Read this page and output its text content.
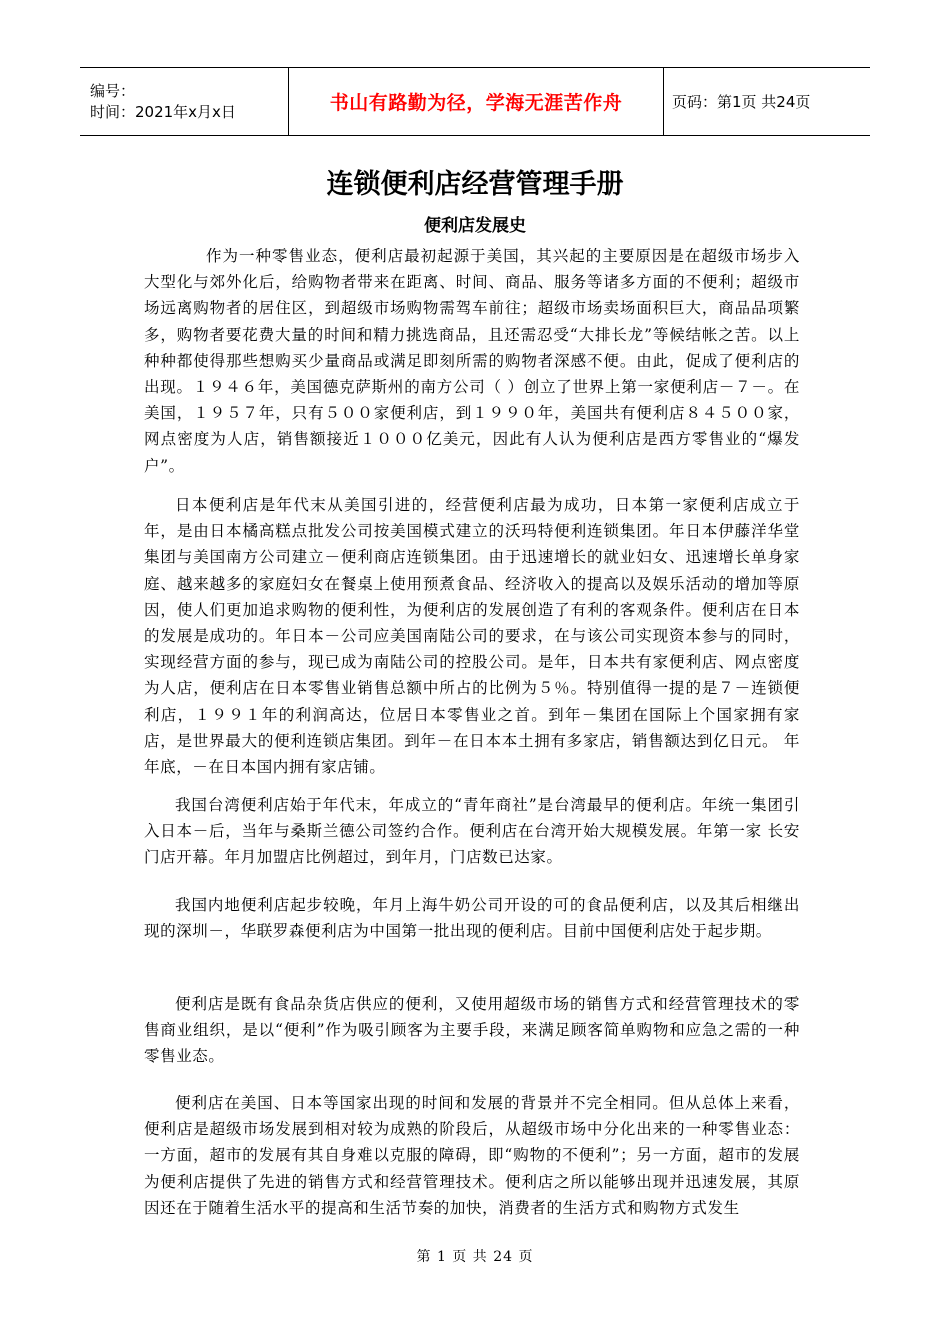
编号：
时间：2021年x月x日	书山有路勤为径，学海无涯苦作舟	页码：第1页 共24页
连锁便利店经营管理手册
便利店发展史

作为一种零售业态，便利店最初起源于美国，其兴起的主要原因是在超级市场步入大型化与郊外化后，给购物者带来在距离、时间、商品、服务等诸多方面的不便利；超级市场远离购物者的居住区，到超级市场购物需驾车前往；超级市场卖场面积巨大，商品品项繁多，购物者要花费大量的时间和精力挑选商品，且还需忍受“大排长龙”等候结帐之苦。以上种种都使得那些想购买少量商品或满足即刻所需的购物者深感不便。由此，促成了便利店的出现。１９４６年，美国德克萨斯州的南方公司（ ）创立了世界上第一家便利店－７－。在美国，１９５７年，只有５００家便利店，到１９９０年，美国共有便利店８４５００家，网点密度为人店，销售额接近１０００亿美元，因此有人认为便利店是西方零售业的“爆发户”。

日本便利店是年代末从美国引进的，经营便利店最为成功，日本第一家便利店成立于年，是由日本橘高糕点批发公司按美国模式建立的沃玛特便利连锁集团。年日本伊藤洋华堂集团与美国南方公司建立－便利商店连锁集团。由于迅速增长的就业妇女、迅速增长单身家庭、越来越多的家庭妇女在餐桌上使用预煮食品、经济收入的提高以及娱乐活动的增加等原因，使人们更加追求购物的便利性，为便利店的发展创造了有利的客观条件。便利店在日本的发展是成功的。年日本－公司应美国南陆公司的要求，在与该公司实现资本参与的同时，实现经营方面的参与，现已成为南陆公司的控股公司。是年，日本共有家便利店、网点密度为人店，便利店在日本零售业销售总额中所占的比例为５％。特别值得一提的是７－连锁便利店，１９９１年的利润高达，位居日本零售业之首。到年－集团在国际上个国家拥有家店，是世界最大的便利连锁店集团。到年－在日本本土拥有多家店，销售额达到亿日元。 年年底，－在日本国内拥有家店铺。

我国台湾便利店始于年代末，年成立的“青年商社”是台湾最早的便利店。年统一集团引入日本－后，当年与桑斯兰德公司签约合作。便利店在台湾开始大规模发展。年第一家 长安门店开幕。年月加盟店比例超过，到年月，门店数已达家。

我国内地便利店起步较晚，年月上海牛奶公司开设的可的食品便利店，以及其后相继出现的深圳－，华联罗森便利店为中国第一批出现的便利店。目前中国便利店处于起步期。

便利店是既有食品杂货店供应的便利，又使用超级市场的销售方式和经营管理技术的零售商业组织，是以“便利”作为吸引顾客为主要手段，来满足顾客简单购物和应急之需的一种零售业态。

便利店在美国、日本等国家出现的时间和发展的背景并不完全相同。但从总体上来看，便利店是超级市场发展到相对较为成熟的阶段后，从超级市场中分化出来的一种零售业态：一方面，超市的发展有其自身难以克服的障碍，即“购物的不便利”；另一方面，超市的发展为便利店提供了先进的销售方式和经营管理技术。便利店之所以能够出现并迅速发展，其原因还在于随着生活水平的提高和生活节奏的加快，消费者的生活方式和购物方式发生

第 1 页 共 24 页
